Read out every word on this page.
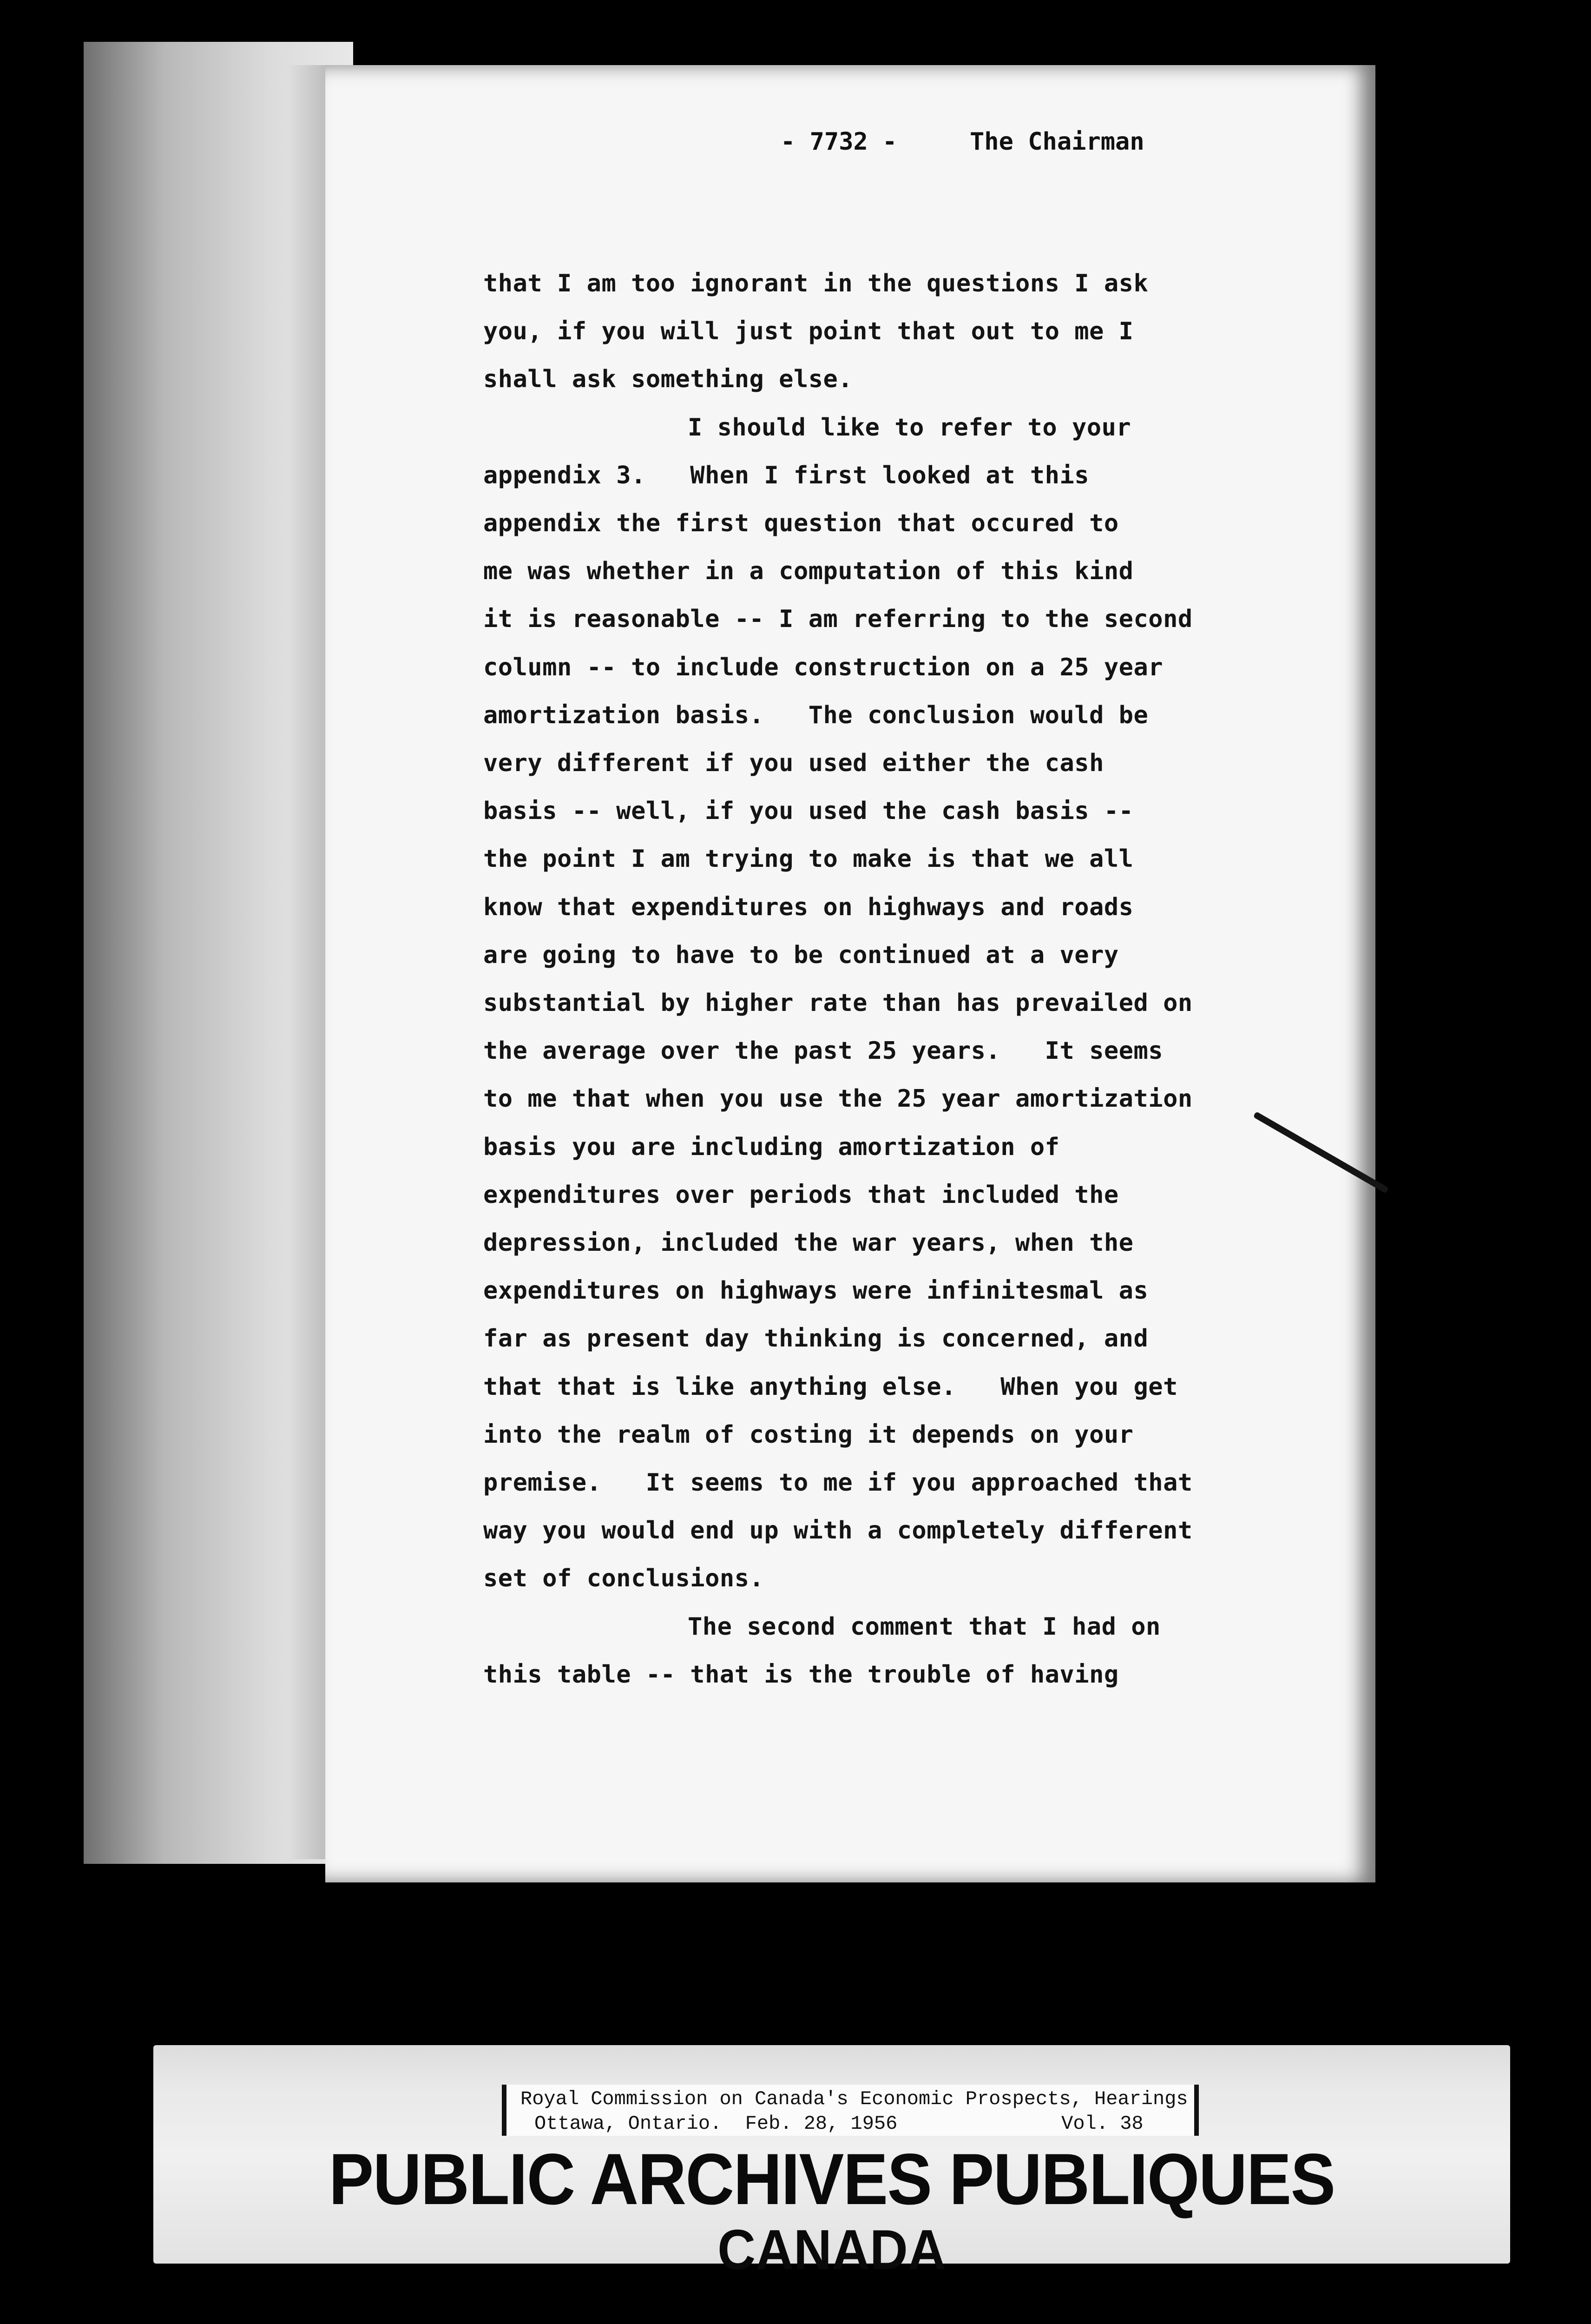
- 7732 -     The Chairman
that I am too ignorant in the questions I ask
you, if you will just point that out to me I
shall ask something else.
I should like to refer to your
appendix 3.   When I first looked at this
appendix the first question that occured to
me was whether in a computation of this kind
it is reasonable -- I am referring to the second
column -- to include construction on a 25 year
amortization basis.   The conclusion would be
very different if you used either the cash
basis -- well, if you used the cash basis --
the point I am trying to make is that we all
know that expenditures on highways and roads
are going to have to be continued at a very
substantial by higher rate than has prevailed on
the average over the past 25 years.   It seems
to me that when you use the 25 year amortization
basis you are including amortization of
expenditures over periods that included the
depression, included the war years, when the
expenditures on highways were infinitesmal as
far as present day thinking is concerned, and
that that is like anything else.   When you get
into the realm of costing it depends on your
premise.   It seems to me if you approached that
way you would end up with a completely different
set of conclusions.
The second comment that I had on
this table -- that is the trouble of having
Royal Commission on Canada's Economic Prospects, Hearings
Ottawa, Ontario.  Feb. 28, 1956              Vol. 38
PUBLIC ARCHIVES PUBLIQUES
CANADA
